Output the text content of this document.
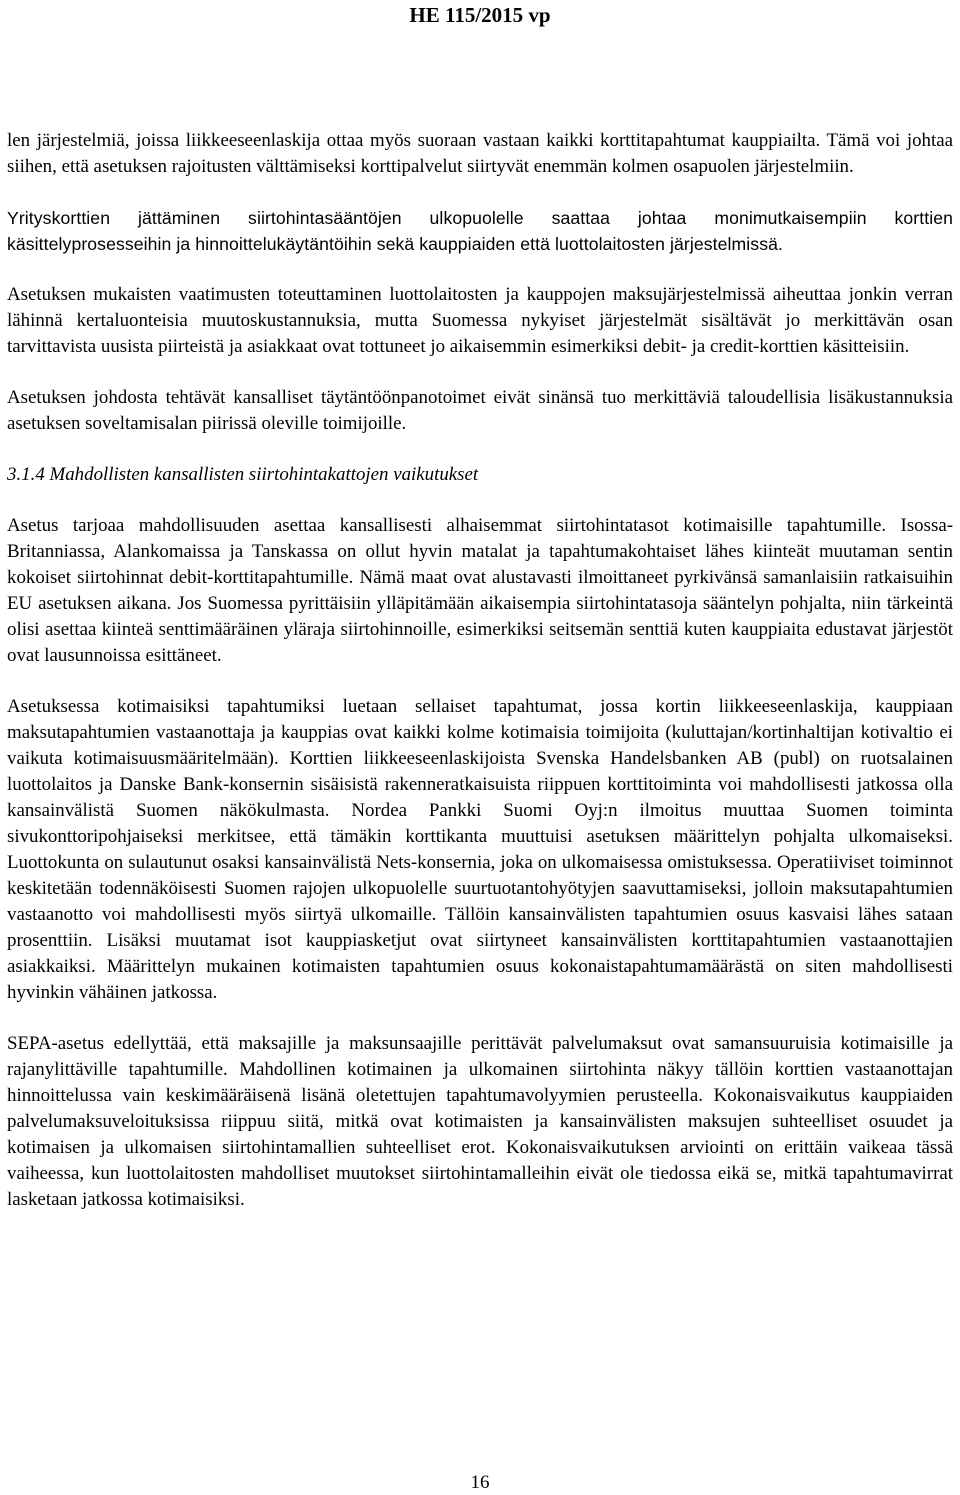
HE 115/2015 vp

len järjestelmiä, joissa liikkeeseenlaskija ottaa myös suoraan vastaan kaikki korttitapahtumat kauppiailta. Tämä voi johtaa siihen, että asetuksen rajoitusten välttämiseksi korttipalvelut siirtyvät enemmän kolmen osapuolen järjestelmiin.

Yrityskorttien jättäminen siirtohintasääntöjen ulkopuolelle saattaa johtaa monimutkaisempiin korttien käsittelyprosesseihin ja hinnoittelukäytäntöihin sekä kauppiaiden että luottolaitosten järjestelmissä.

Asetuksen mukaisten vaatimusten toteuttaminen luottolaitosten ja kauppojen maksujärjestelmissä aiheuttaa jonkin verran lähinnä kertaluonteisia muutoskustannuksia, mutta Suomessa nykyiset järjestelmät sisältävät jo merkittävän osan tarvittavista uusista piirteistä ja asiakkaat ovat tottuneet jo aikaisemmin esimerkiksi debit- ja credit-korttien käsitteisiin.

Asetuksen johdosta tehtävät kansalliset täytäntöönpanotoimet eivät sinänsä tuo merkittäviä taloudellisia lisäkustannuksia asetuksen soveltamisalan piirissä oleville toimijoille.

3.1.4 Mahdollisten kansallisten siirtohintakattojen vaikutukset

Asetus tarjoaa mahdollisuuden asettaa kansallisesti alhaisemmat siirtohintatasot kotimaisille tapahtumille. Isossa-Britanniassa, Alankomaissa ja Tanskassa on ollut hyvin matalat ja tapahtumakohtaiset lähes kiinteät muutaman sentin kokoiset siirtohinnat debit-korttitapahtumille. Nämä maat ovat alustavasti ilmoittaneet pyrkivänsä samanlaisiin ratkaisuihin EU asetuksen aikana. Jos Suomessa pyrittäisiin ylläpitämään aikaisempia siirtohintatasoja sääntelyn pohjalta, niin tärkeintä olisi asettaa kiinteä senttimääräinen yläraja siirtohinnoille, esimerkiksi seitsemän senttiä kuten kauppiaita edustavat järjestöt ovat lausunnoissa esittäneet.

Asetuksessa kotimaisiksi tapahtumiksi luetaan sellaiset tapahtumat, jossa kortin liikkeeseenlaskija, kauppiaan maksutapahtumien vastaanottaja ja kauppias ovat kaikki kolme kotimaisia toimijoita (kuluttajan/kortinhaltijan kotivaltio ei vaikuta kotimaisuusmääritelmään). Korttien liikkeeseenlaskijoista Svenska Handelsbanken AB (publ) on ruotsalainen luottolaitos ja Danske Bank-konsernin sisäisistä rakenneratkaisuista riippuen korttitoiminta voi mahdollisesti jatkossa olla kansainvälistä Suomen näkökulmasta. Nordea Pankki Suomi Oyj:n ilmoitus muuttaa Suomen toiminta sivukonttoripohjaiseksi merkitsee, että tämäkin korttikanta muuttuisi asetuksen määrittelyn pohjalta ulkomaiseksi. Luottokunta on sulautunut osaksi kansainvälistä Nets-konsernia, joka on ulkomaisessa omistuksessa. Operatiiviset toiminnot keskitetään todennäköisesti Suomen rajojen ulkopuolelle suurtuotantohyötyjen saavuttamiseksi, jolloin maksutapahtumien vastaanotto voi mahdollisesti myös siirtyä ulkomaille. Tällöin kansainvälisten tapahtumien osuus kasvaisi lähes sataan prosenttiin. Lisäksi muutamat isot kauppiasketjut ovat siirtyneet kansainvälisten korttitapahtumien vastaanottajien asiakkaiksi. Määrittelyn mukainen kotimaisten tapahtumien osuus kokonaistapahtumamäärästä on siten mahdollisesti hyvinkin vähäinen jatkossa.

SEPA-asetus edellyttää, että maksajille ja maksunsaajille perittävät palvelumaksut ovat samansuuruisia kotimaisille ja rajanylittäville tapahtumille. Mahdollinen kotimainen ja ulkomainen siirtohinta näkyy tällöin korttien vastaanottajan hinnoittelussa vain keskimääräisenä lisänä oletettujen tapahtumavolyymien perusteella. Kokonaisvaikutus kauppiaiden palvelumaksuveloituksissa riippuu siitä, mitkä ovat kotimaisten ja kansainvälisten maksujen suhteelliset osuudet ja kotimaisen ja ulkomaisen siirtohintamallien suhteelliset erot. Kokonaisvaikutuksen arviointi on erittäin vaikeaa tässä vaiheessa, kun luottolaitosten mahdolliset muutokset siirtohintamalleihin eivät ole tiedossa eikä se, mitkä tapahtumavirrat lasketaan jatkossa kotimaisiksi.

16
